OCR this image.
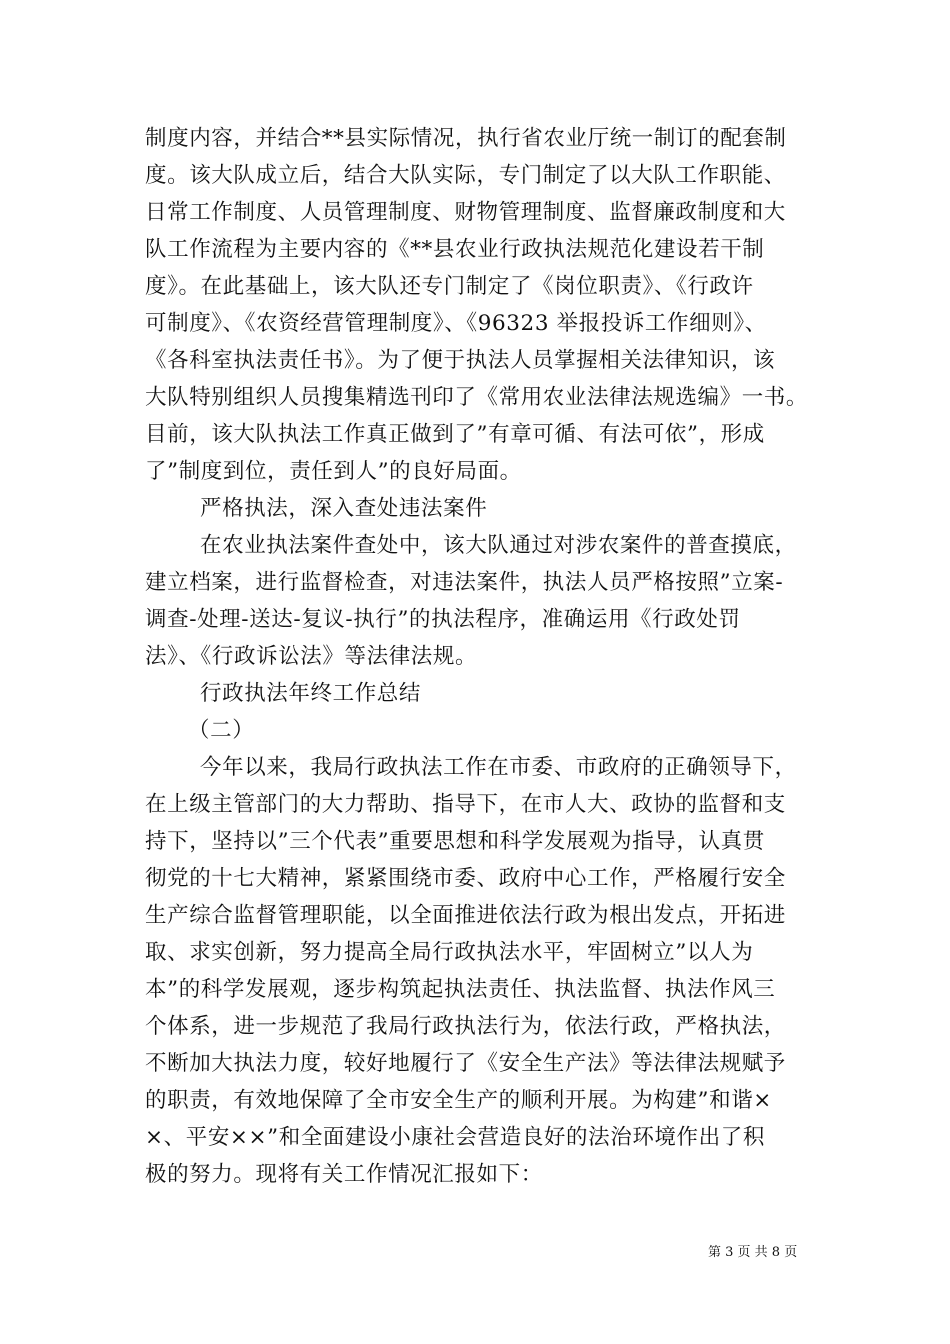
制度内容，并结合**县实际情况，执行省农业厅统一制订的配套制
度。该大队成立后，结合大队实际，专门制定了以大队工作职能、
日常工作制度、人员管理制度、财物管理制度、监督廉政制度和大
队工作流程为主要内容的《**县农业行政执法规范化建设若干制
度》。在此基础上，该大队还专门制定了《岗位职责》、《行政许
可制度》、《农资经营管理制度》、《96323 举报投诉工作细则》、
《各科室执法责任书》。为了便于执法人员掌握相关法律知识，该
大队特别组织人员搜集精选刊印了《常用农业法律法规选编》一书。
目前，该大队执法工作真正做到了”有章可循、有法可依”，形成
了”制度到位，责任到人”的良好局面。
严格执法，深入查处违法案件
在农业执法案件查处中，该大队通过对涉农案件的普查摸底，
建立档案，进行监督检查，对违法案件，执法人员严格按照”立案-
调查-处理-送达-复议-执行”的执法程序，准确运用《行政处罚
法》、《行政诉讼法》等法律法规。
行政执法年终工作总结
（二）
今年以来，我局行政执法工作在市委、市政府的正确领导下，
在上级主管部门的大力帮助、指导下，在市人大、政协的监督和支
持下，坚持以”三个代表”重要思想和科学发展观为指导，认真贯
彻党的十七大精神，紧紧围绕市委、政府中心工作，严格履行安全
生产综合监督管理职能，以全面推进依法行政为根出发点，开拓进
取、求实创新，努力提高全局行政执法水平，牢固树立”以人为
本”的科学发展观，逐步构筑起执法责任、执法监督、执法作风三
个体系，进一步规范了我局行政执法行为，依法行政，严格执法，
不断加大执法力度，较好地履行了《安全生产法》等法律法规赋予
的职责，有效地保障了全市安全生产的顺利开展。为构建”和谐×
×、平安××”和全面建设小康社会营造良好的法治环境作出了积
极的努力。现将有关工作情况汇报如下：
第 3 页 共 8 页
